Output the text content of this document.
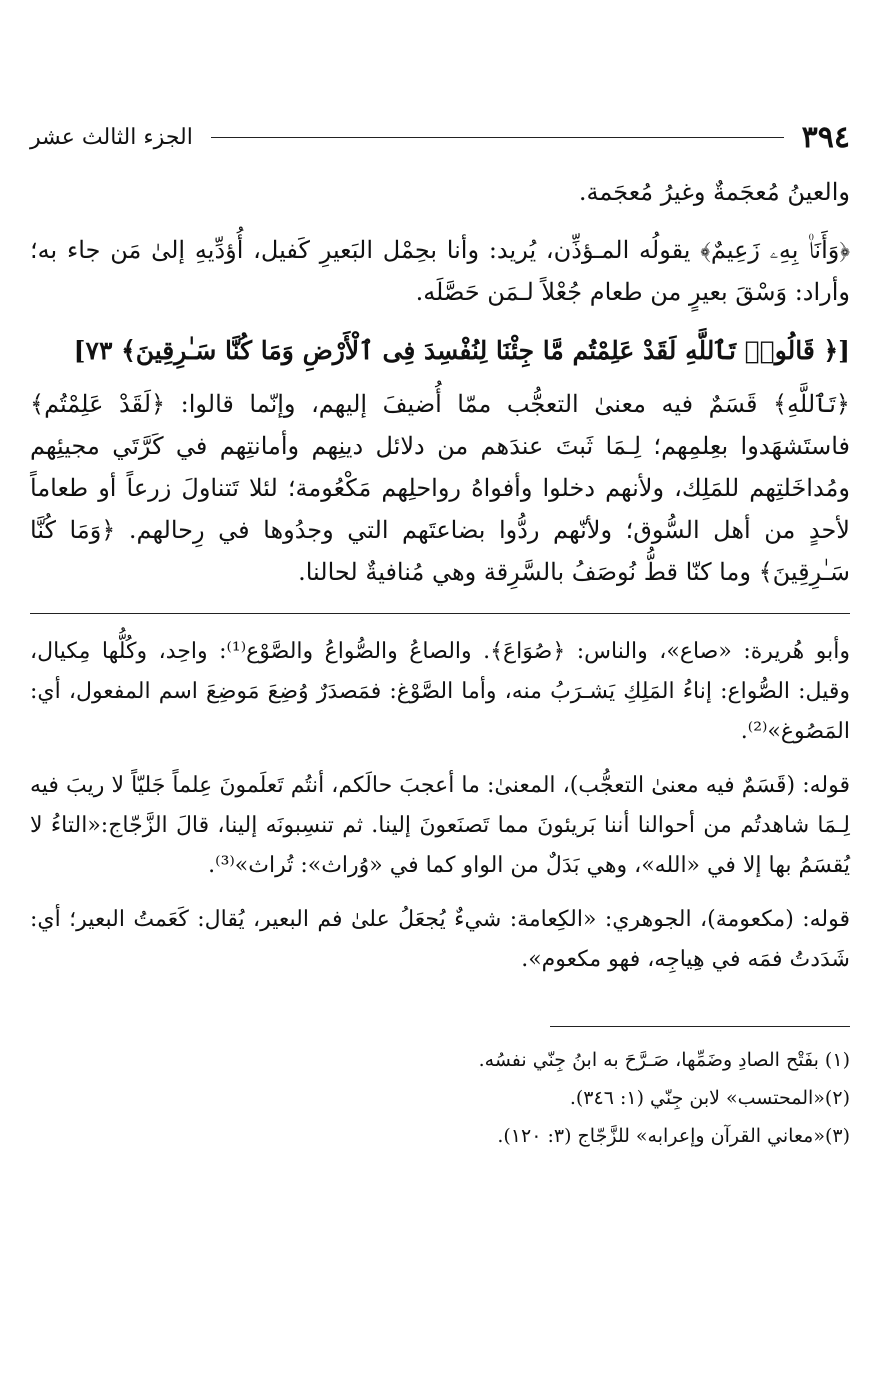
٣٩٤
الجزء الثالث عشر

والعينُ مُعجَمةٌ وغيرُ مُعجَمة.

﴿وَأَنَا۠ بِهِۦ زَعِيمٌ﴾ يقولُه المـؤذِّن، يُريد: وأنا بحِمْل البَعيرِ كَفيل، أُؤدِّيهِ إلىٰ مَن جاء به؛ وأراد: وَسْقَ بعيرٍ من طعام جُعْلاً لـمَن حَصَّلَه.

[﴿ قَالُوا۟ تَٱللَّهِ لَقَدْ عَلِمْتُم مَّا جِئْنَا لِنُفْسِدَ فِى ٱلْأَرْضِ وَمَا كُنَّا سَـٰرِقِينَ﴾ ٧٣]

﴿تَٱللَّهِ﴾ قَسَمٌ فيه معنىٰ التعجُّب ممّا أُضيفَ إليهم، وإنّما قالوا: ﴿لَقَدْ عَلِمْتُم﴾ فاستَشهَدوا بعِلمِهم؛ لِـمَا ثَبتَ عندَهم من دلائل دينِهم وأمانتِهم في كَرَّتَي مجيئِهم ومُداخَلتِهم للمَلِك، ولأنهم دخلوا وأفواهُ رواحلِهم مَكْعُومة؛ لئلا تَتناولَ زرعاً أو طعاماً لأحدٍ من أهل السُّوق؛ ولأنّهم ردُّوا بضاعتَهم التي وجدُوها في رِحالهم. ﴿وَمَا كُنَّا سَـٰرِقِينَ﴾ وما كنّا قطُّ نُوصَفُ بالسَّرِقة وهي مُنافيةٌ لحالنا.

وأبو هُريرة: «صاع»، والناس: ﴿صُوَاعَ﴾. والصاعُ والصُّواعُ والصَّوْع⁽¹⁾: واحِد، وكُلُّها مِكيال، وقيل: الصُّواع: إناءُ المَلِكِ يَشـرَبُ منه، وأما الصَّوْغ: فمَصدَرٌ وُضِعَ مَوضِعَ اسم المفعول، أي: المَصُوغ»⁽²⁾.

قوله: (قَسَمٌ فيه معنىٰ التعجُّب)، المعنىٰ: ما أعجبَ حالَكم، أنتُم تَعلَمونَ عِلماً جَليّاً لا ريبَ فيه لِـمَا شاهدتُم من أحوالنا أننا بَريئونَ مما تَصنَعونَ إلينا. ثم تنسِبونَه إلينا، قالَ الزَّجّاج:«التاءُ لا يُقسَمُ بها إلا في «الله»، وهي بَدَلٌ من الواو كما في «وُراث»: تُراث»⁽³⁾.

قوله: (مكعومة)، الجوهري: «الكِعامة: شيءٌ يُجعَلُ علىٰ فم البعير، يُقال: كَعَمتُ البعير؛ أي: شَدَدتُ فمَه في هِياجِه، فهو مكعوم».

(١) بفَتْح الصادِ وضَمِّها، صَـرَّحَ به ابنُ جِنّي نفسُه.

(٢)«المحتسب» لابن جِنّي (١: ٣٤٦).

(٣)«معاني القرآن وإعرابه» للزَّجّاج (٣: ١٢٠).
